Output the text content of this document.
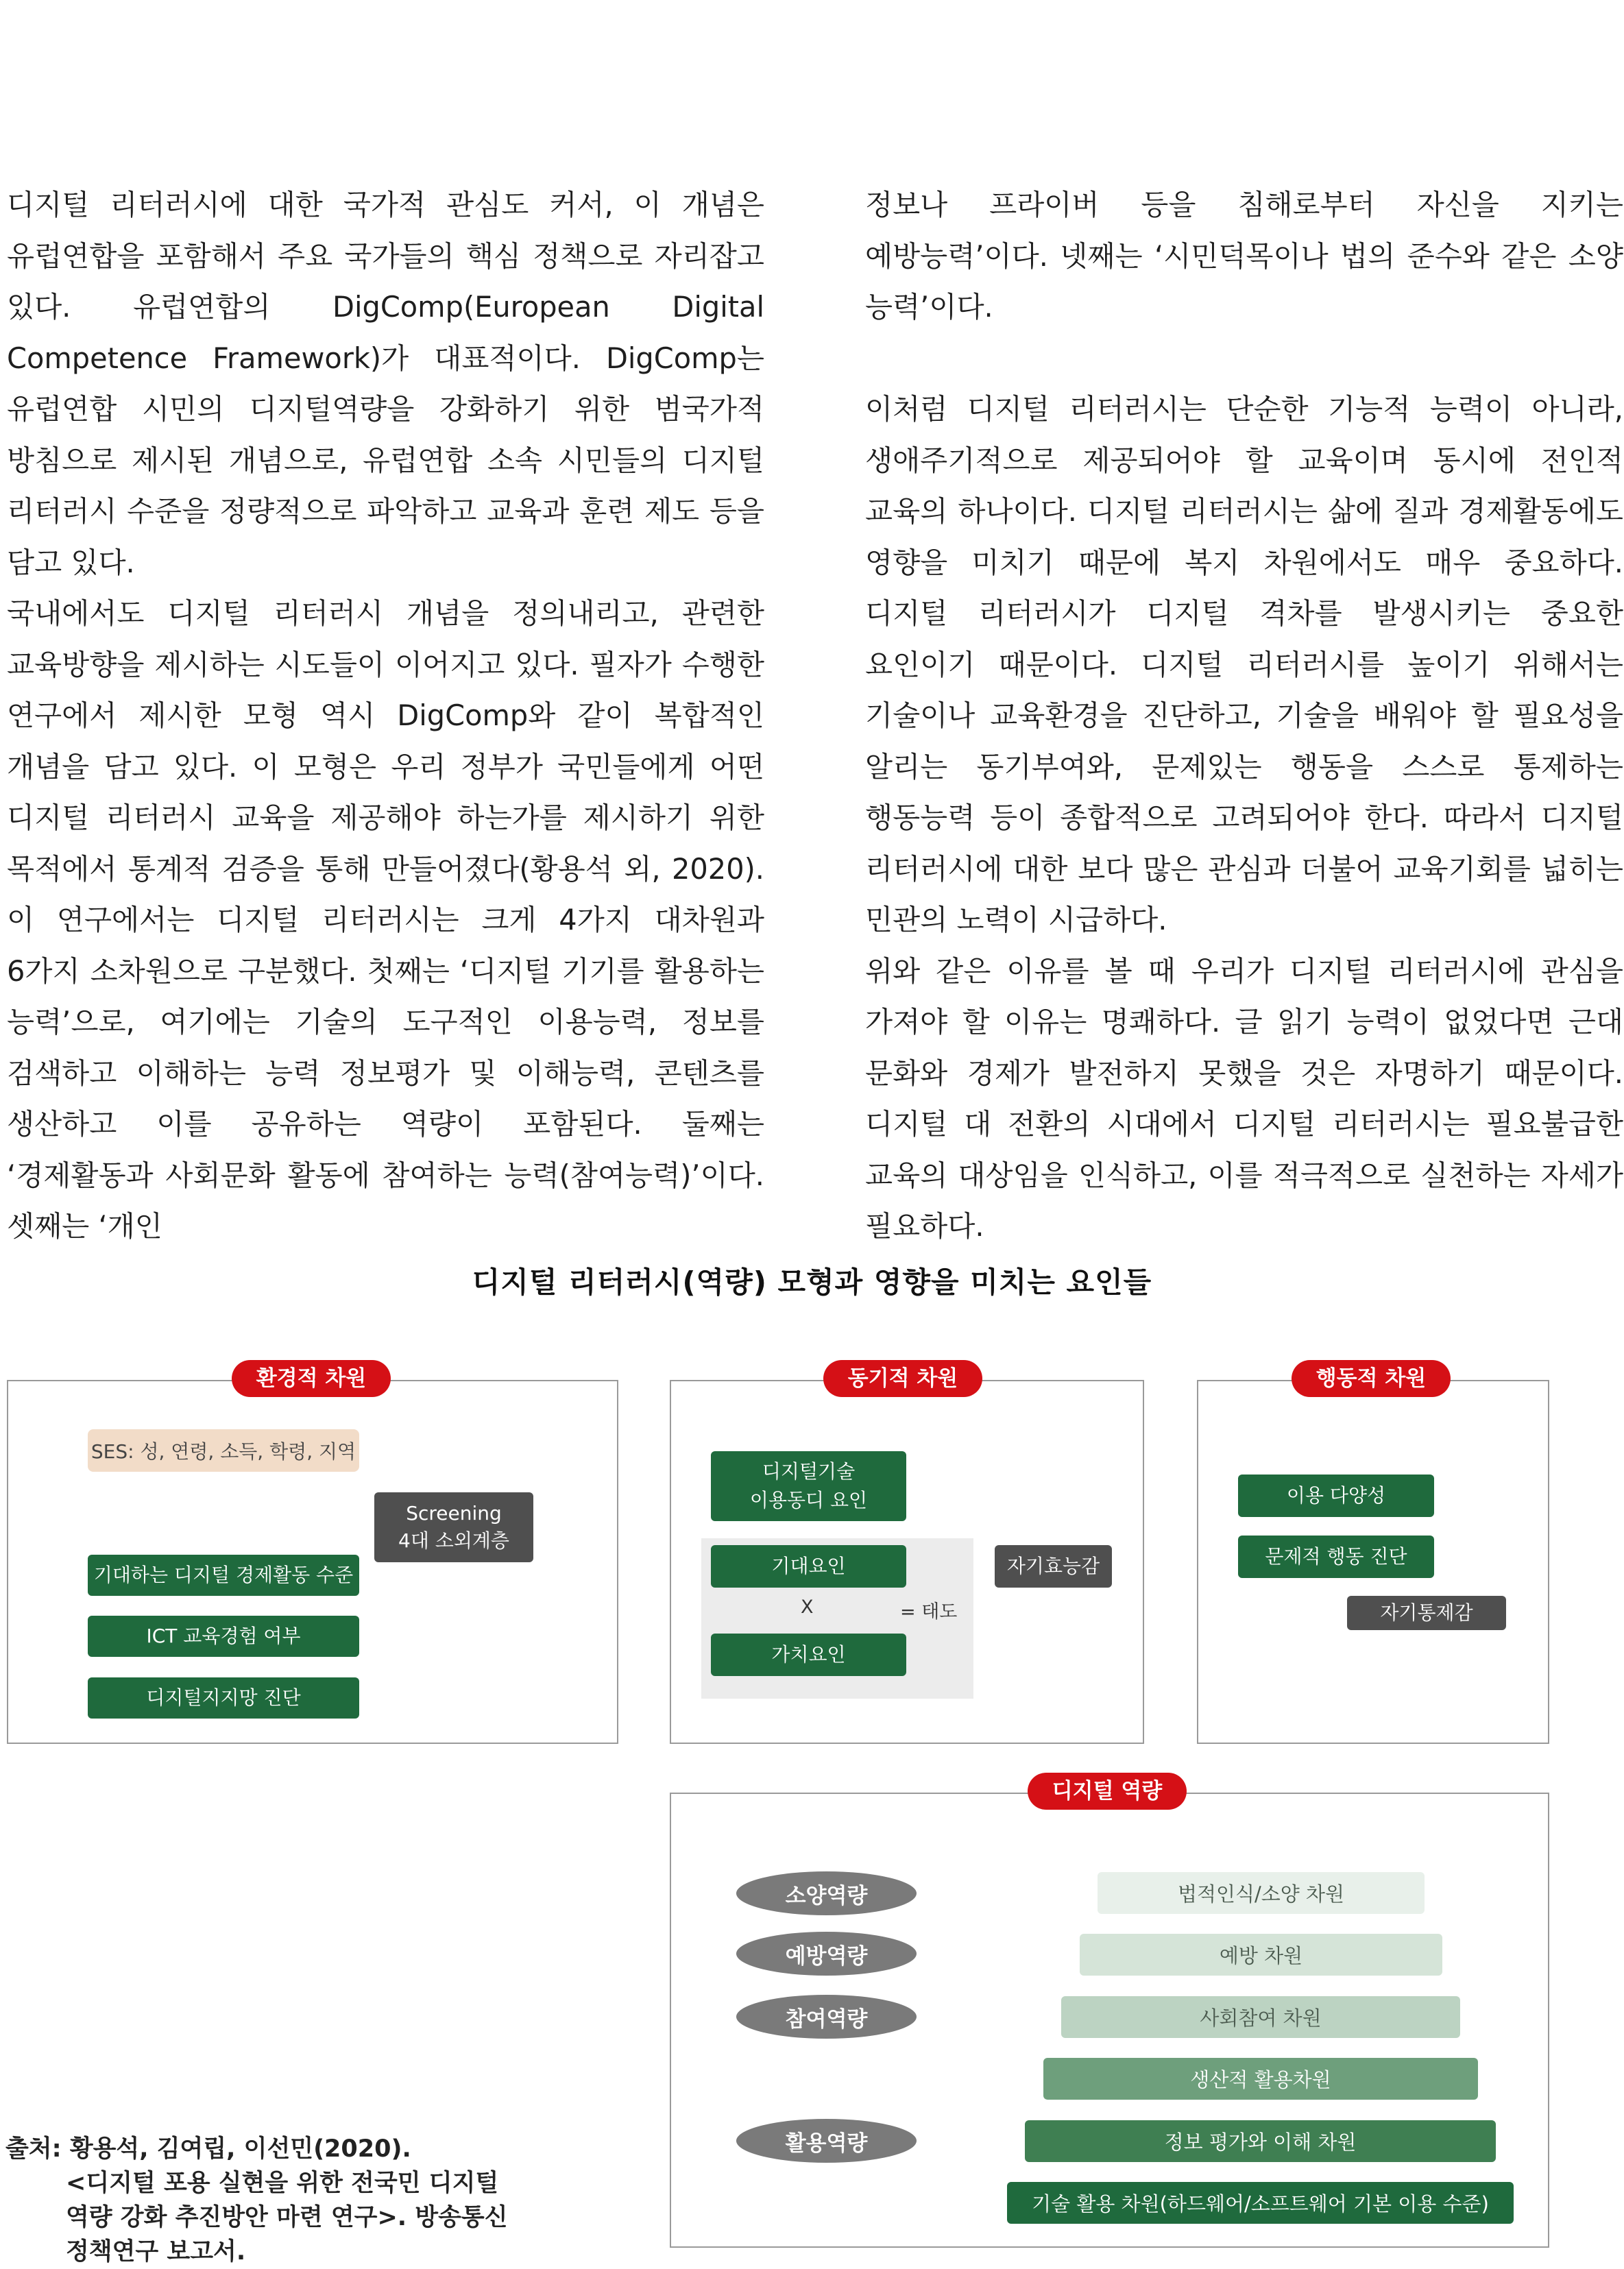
디지털 리터러시에 대한 국가적 관심도 커서, 이 개념은 유럽연합을 포함해서 주요 국가들의 핵심 정책으로 자리잡고 있다. 유럽연합의 DigComp(European Digital Competence Framework)가 대표적이다. DigComp는 유럽연합 시민의 디지털역량을 강화하기 위한 범국가적 방침으로 제시된 개념으로, 유럽연합 소속 시민들의 디지털 리터러시 수준을 정량적으로 파악하고 교육과 훈련 제도 등을 담고 있다.

국내에서도 디지털 리터러시 개념을 정의내리고, 관련한 교육방향을 제시하는 시도들이 이어지고 있다. 필자가 수행한 연구에서 제시한 모형 역시 DigComp와 같이 복합적인 개념을 담고 있다. 이 모형은 우리 정부가 국민들에게 어떤 디지털 리터러시 교육을 제공해야 하는가를 제시하기 위한 목적에서 통계적 검증을 통해 만들어졌다(황용석 외, 2020). 이 연구에서는 디지털 리터러시는 크게 4가지 대차원과 6가지 소차원으로 구분했다. 첫째는 ‘디지털 기기를 활용하는 능력’으로, 여기에는 기술의 도구적인 이용능력, 정보를 검색하고 이해하는 능력 정보평가 및 이해능력, 콘텐츠를 생산하고 이를 공유하는 역량이 포함된다. 둘째는 ‘경제활동과 사회문화 활동에 참여하는 능력(참여능력)’이다. 셋째는 ‘개인

정보나 프라이버 등을 침해로부터 자신을 지키는 예방능력’이다. 넷째는 ‘시민덕목이나 법의 준수와 같은 소양 능력’이다.

이처럼 디지털 리터러시는 단순한 기능적 능력이 아니라, 생애주기적으로 제공되어야 할 교육이며 동시에 전인적 교육의 하나이다. 디지털 리터러시는 삶에 질과 경제활동에도 영향을 미치기 때문에 복지 차원에서도 매우 중요하다. 디지털 리터러시가 디지털 격차를 발생시키는 중요한 요인이기 때문이다. 디지털 리터러시를 높이기 위해서는 기술이나 교육환경을 진단하고, 기술을 배워야 할 필요성을 알리는 동기부여와, 문제있는 행동을 스스로 통제하는 행동능력 등이 종합적으로 고려되어야 한다. 따라서 디지털 리터러시에 대한 보다 많은 관심과 더불어 교육기회를 넓히는 민관의 노력이 시급하다.

위와 같은 이유를 볼 때 우리가 디지털 리터러시에 관심을 가져야 할 이유는 명쾌하다. 글 읽기 능력이 없었다면 근대 문화와 경제가 발전하지 못했을 것은 자명하기 때문이다. 디지털 대 전환의 시대에서 디지털 리터러시는 필요불급한 교육의 대상임을 인식하고, 이를 적극적으로 실천하는 자세가 필요하다.

디지털 리터러시(역량) 모형과 영향을 미치는 요인들
환경적 차원
SES: 성, 연령, 소득, 학령, 지역
Screening
4대 소외계층
기대하는 디지털 경제활동 수준
ICT 교육경험 여부
디지털지지망 진단
동기적 차원
디지털기술
이용동디 요인
기대요인
X	= 태도
가치요인
자기효능감
행동적 차원
이용 다양성
문제적 행동 진단
자기통제감
디지털 역량
소양역량
예방역량
참여역량
활용역량
법적인식/소양 차원
예방 차원
사회참여 차원
생산적 활용차원
정보 평가와 이해 차원
기술 활용 차원(하드웨어/소프트웨어 기본 이용 수준)
출처: 황용석, 김여립, 이선민(2020).
<디지털 포용 실현을 위한 전국민 디지털
역량 강화 추진방안 마련 연구>. 방송통신
정책연구 보고서.
